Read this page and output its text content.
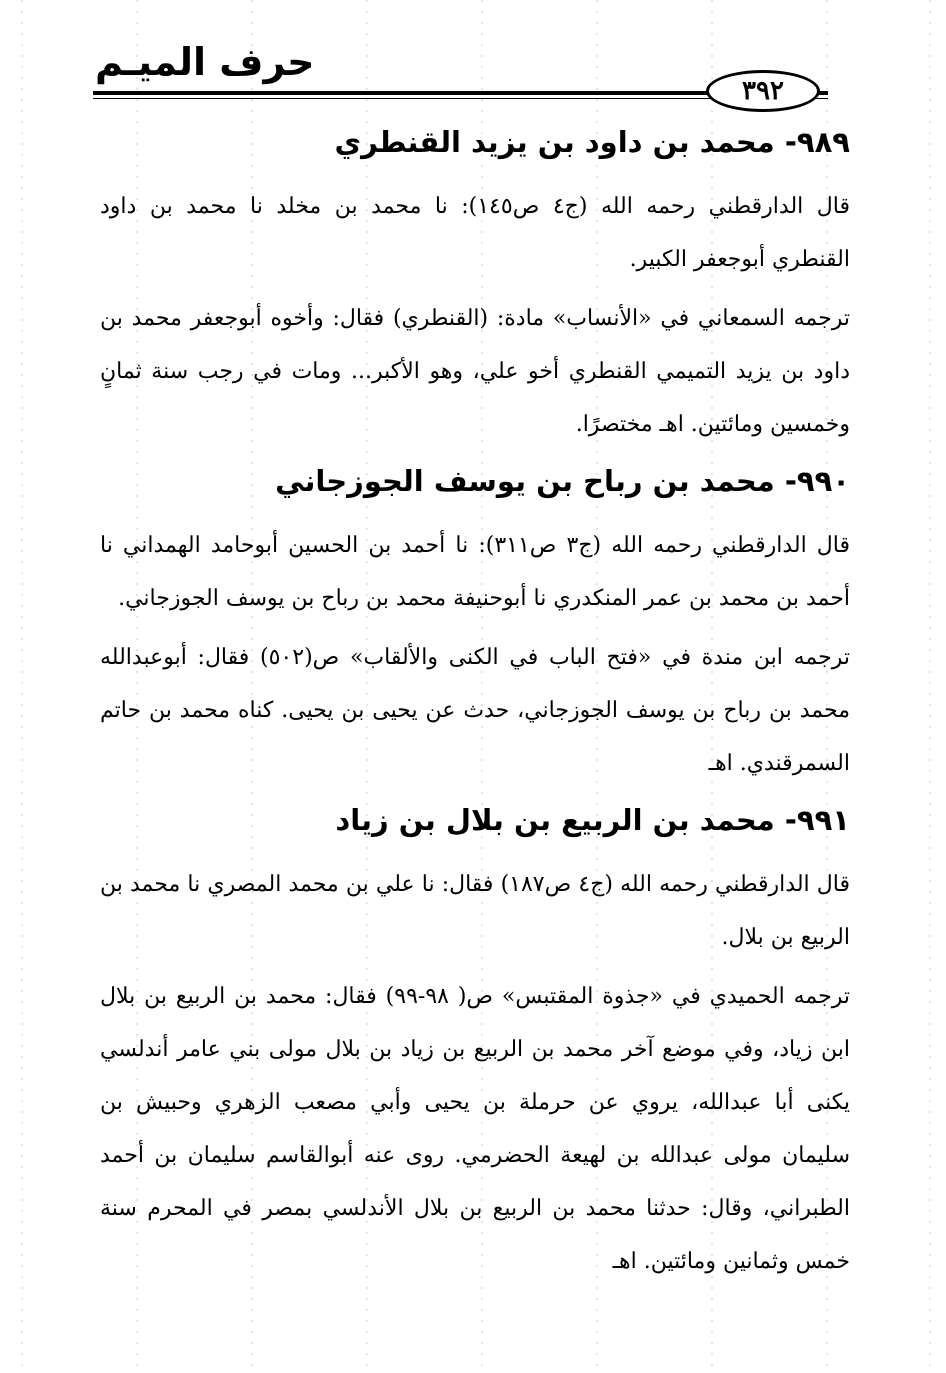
حرف الميـم
٣٩٢
٩٨٩- محمد بن داود بن يزيد القنطري

قال الدارقطني رحمه الله (ج٤ ص١٤٥): نا محمد بن مخلد نا محمد بن داود القنطري أبوجعفر الكبير.

ترجمه السمعاني في «الأنساب» مادة: (القنطري) فقال: وأخوه أبوجعفر محمد بن داود بن يزيد التميمي القنطري أخو علي، وهو الأكبر... ومات في رجب سنة ثمانٍ وخمسين ومائتين. اهـ مختصرًا.

٩٩٠- محمد بن رباح بن يوسف الجوزجاني

قال الدارقطني رحمه الله (ج٣ ص٣١١): نا أحمد بن الحسين أبوحامد الهمداني نا أحمد بن محمد بن عمر المنكدري نا أبوحنيفة محمد بن رباح بن يوسف الجوزجاني.

ترجمه ابن مندة في «فتح الباب في الكنى والألقاب» ص(٥٠٢) فقال: أبوعبدالله محمد بن رباح بن يوسف الجوزجاني، حدث عن يحيى بن يحيى. كناه محمد بن حاتم السمرقندي. اهـ

٩٩١- محمد بن الربيع بن بلال بن زياد

قال الدارقطني رحمه الله (ج٤ ص١٨٧) فقال: نا علي بن محمد المصري نا محمد بن الربيع بن بلال.

ترجمه الحميدي في «جذوة المقتبس» ص( ٩٨-٩٩) فقال: محمد بن الربيع بن بلال ابن زياد، وفي موضع آخر محمد بن الربيع بن زياد بن بلال مولى بني عامر أندلسي يكنى أبا عبدالله، يروي عن حرملة بن يحيى وأبي مصعب الزهري وحبيش بن سليمان مولى عبدالله بن لهيعة الحضرمي. روى عنه أبوالقاسم سليمان بن أحمد الطبراني، وقال: حدثنا محمد بن الربيع بن بلال الأندلسي بمصر في المحرم سنة خمس وثمانين ومائتين. اهـ
